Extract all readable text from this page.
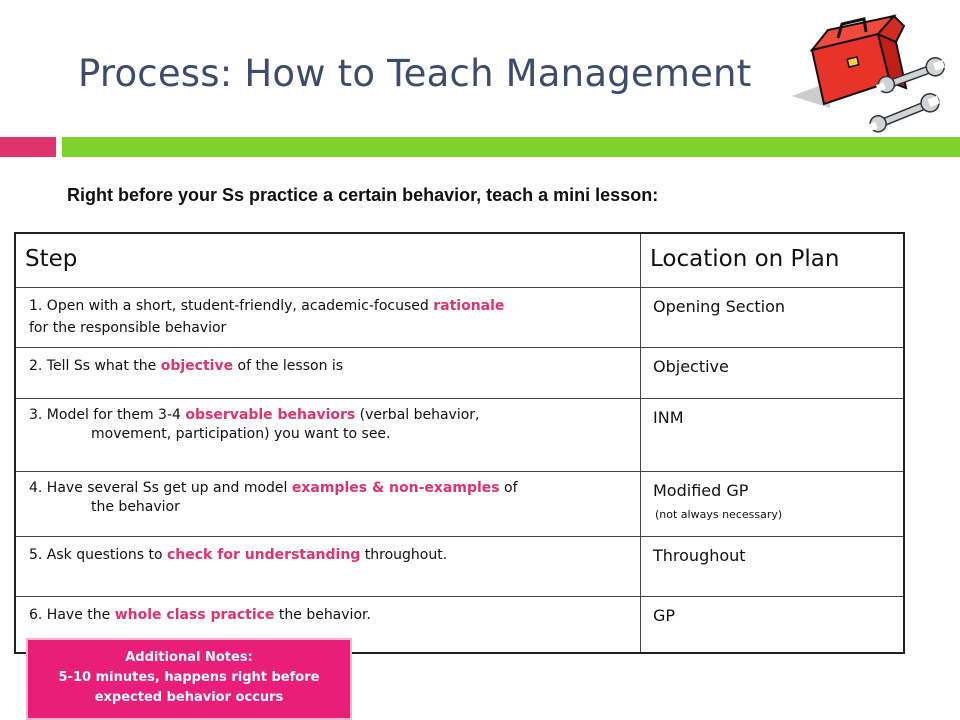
Process: How to Teach Management
Right before your Ss practice a certain behavior, teach a mini lesson:
Step	Location on Plan
1. Open with a short, student-friendly, academic-focused rationale
for the responsible behavior	Opening Section
2. Tell Ss what the objective of the lesson is	Objective
3. Model for them 3-4 observable behaviors (verbal behavior,
movement, participation) you want to see.	INM
4. Have several Ss get up and model examples & non-examples of
the behavior	Modified GP
(not always necessary)

5. Ask questions to check for understanding throughout.	Throughout
6. Have the whole class practice the behavior.	GP
Additional Notes:
5-10 minutes, happens right before
expected behavior occurs
